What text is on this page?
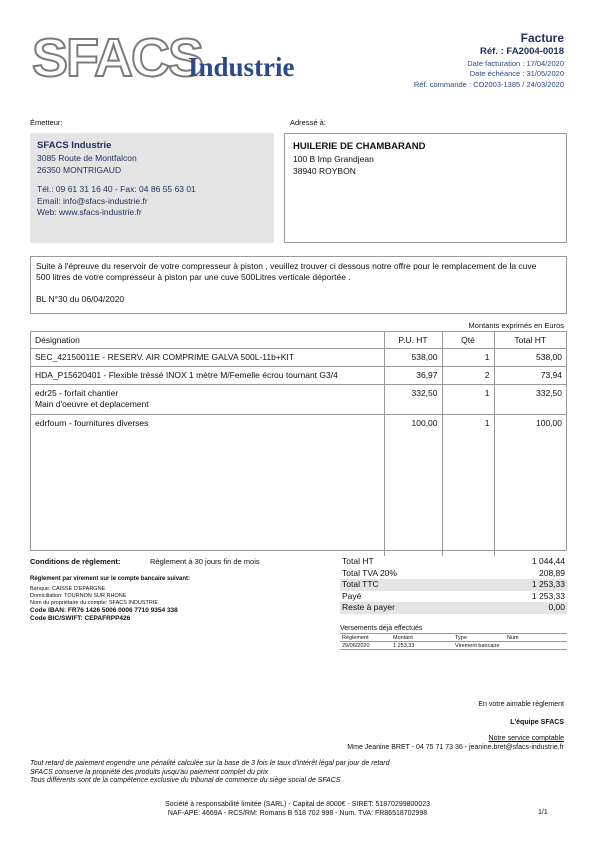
SFACS
Industrie
Facture
Réf. : FA2004-0018
Date facturation : 17/04/2020
Date échéance : 31/05/2020
Réf. commande : CO2003-1385 / 24/03/2020
Émetteur:	Adressé à:
SFACS Industrie
3085 Route de Montfalcon
26350 MONTRIGAUD
Tél.: 09 61 31 16 40 - Fax: 04 86 55 63 01
Email: info@sfacs-industrie.fr
Web: www.sfacs-industrie.fr
HUILERIE DE CHAMBARAND
100 B Imp Grandjean
38940 ROYBON
Suite à l'épreuve du reservoir de votre compresseur à piston , veuillez trouver ci dessous notre offre pour le remplacement de la cuve
500 litres de votre compresseur à piston par une cuve 500Litres verticale déportée .
BL N°30 du 06/04/2020
Montants exprimés en Euros
Désignation	P.U. HT	Qté	Total HT
SEC_42150011E - RESERV. AIR COMPRIME GALVA 500L-11b+KIT	538,00	1	538,00
HDA_P15620401 - Flexible tréssé INOX 1 mètre M/Femelle écrou tournant G3/4	36,97	2	73,94

edr25 - forfait chantier
Main d'oeuvre et deplacement	332,50	1	332,50
edrfourn - fournitures diverses	100,00	1	100,00
Conditions de règlement:	Règlement à 30 jours fin de mois
Règlement par virement sur le compte bancaire suivant:
Banque: CAISSE D'EPARGNE
Domiciliation: TOURNON SUR RHONE
Nom du propriétaire du compte: SFACS INDUSTRIE
Code IBAN: FR76 1426 5006 0006 7710 9354 338
Code BIC/SWIFT: CEPAFRPP426
Total HT	1 044,44
Total TVA 20%	208,89
Total TTC	1 253,33
Payé	1 253,33
Reste à payer	0,00
Versements déjà effectués
Règlement	Montant	Type	Num
29/06/2020	1 253,33	Virement bancaire
En votre aimable règlement
L'équipe SFACS
Notre service comptable
Mme Jeanine BRET - 04 75 71 73 36 - jeanine.bret@sfacs-industrie.fr
Tout retard de paiement engendre une pénalité calculée sur la base de 3 fois le taux d'intérêt légal par jour de retard
SFACS conserve la propriété des produits jusqu'au paiement complet du prix
Tous différents sont de la compétence exclusive du tribunal de commerce du siège social de SFACS
Société à responsabilité limitée (SARL) - Capital de 8000€ - SIRET: 51870299800023
NAF-APE: 4669A - RCS/RM: Romans B 518 702 998 - Num. TVA: FR86518702998	1/1
